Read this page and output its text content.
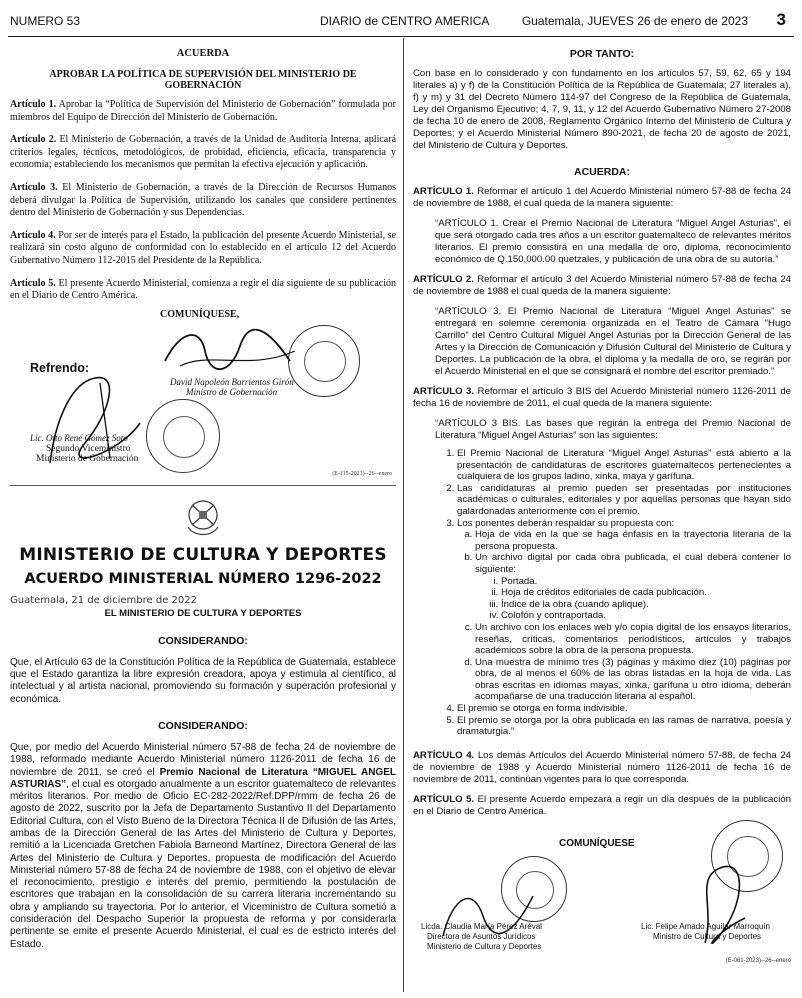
NUMERO 53	DIARIO de CENTRO AMERICA	Guatemala, JUEVES 26 de enero de 2023 3

ACUERDA

APROBAR LA POLÍTICA DE SUPERVISIÓN DEL MINISTERIO DE GOBERNACIÓN

Artículo 1. Aprobar la “Política de Supervisión del Ministerio de Gobernación” formulada por miembros del Equipo de Dirección del Ministerio de Gobernación.

Artículo 2. El Ministerio de Gobernación, a través de la Unidad de Auditoría Interna, aplicará criterios legales, técnicos, metodológicos, de probidad, eficiencia, eficacia, transparencia y economía; estableciendo los mecanismos que permitan la efectiva ejecución y aplicación.

Artículo 3. El Ministerio de Gobernación, a través de la Dirección de Recursos Humanos deberá divulgar la Política de Supervisión, utilizando los canales que considere pertinentes dentro del Ministerio de Gobernación y sus Dependencias.

Artículo 4. Por ser de interés para el Estado, la publicación del presente Acuerdo Ministerial, se realizará sin costo alguno de conformidad con lo establecido en el artículo 12 del Acuerdo Gubernativo Número 112-2015 del Presidente de la República.

Artículo 5. El presente Acuerdo Ministerial, comienza a regir el día siguiente de su publicación en el Diario de Centro América.

COMUNÍQUESE,

Refrendo:

David Napoleón Barrientos Girón

Ministro de Gobernación

Lic. Otto René Gómez Soto

Segundo Viceministro

Ministerio de Gobernación

(E-115-2023)--26--enero

MINISTERIO DE CULTURA Y DEPORTES

ACUERDO MINISTERIAL NÚMERO 1296-2022

Guatemala, 21 de diciembre de 2022

EL MINISTERIO DE CULTURA Y DEPORTES

CONSIDERANDO:

Que, el Artículo 63 de la Constitución Política de la República de Guatemala, establece que el Estado garantiza la libre expresión creadora, apoya y estimula al científico, al intelectual y al artista nacional, promoviendo su formación y superación profesional y económica.

CONSIDERANDO:

Que, por medio del Acuerdo Ministerial número 57-88 de fecha 24 de noviembre de 1988, reformado mediante Acuerdo Ministerial número 1126-2011 de fecha 16 de noviembre de 2011, se creó el Premio Nacional de Literatura “MIGUEL ANGEL ASTURIAS”, el cual es otorgado anualmente a un escritor guatemalteco de relevantes méritos literarios. Por medio de Oficio EC-282-2022/Ref.DPP/rmm de fecha 26 de agosto de 2022, suscrito por la Jefa de Departamento Sustantivo II del Departamento Editorial Cultura, con el Visto Bueno de la Directora Técnica II de Difusión de las Artes, ambas de la Dirección General de las Artes del Ministerio de Cultura y Deportes, remitió a la Licenciada Gretchen Fabiola Barneond Martínez, Directora General de las Artes del Ministerio de Cultura y Deportes, propuesta de modificación del Acuerdo Ministerial número 57-88 de fecha 24 de noviembre de 1988, con el objetivo de elevar el reconocimiento, prestigio e interés del premio, permitiendo la postulación de escritores que trabajan en la consolidación de su carrera literaria incrementando su obra y ampliando su trayectoria. Por lo anterior, el Viceministro de Cultura sometió a consideración del Despacho Superior la propuesta de reforma y por considerarla pertinente se emite el presente Acuerdo Ministerial, el cual es de estricto interés del Estado.

POR TANTO:

Con base en lo considerado y con fundamento en los artículos 57, 59, 62, 65 y 194 literales a) y f) de la Constitución Política de la República de Guatemala; 27 literales a), f) y m) y 31 del Decreto Número 114-97 del Congreso de la República de Guatemala, Ley del Organismo Ejecutivo; 4, 7, 9, 11, y 12 del Acuerdo Gubernativo Número 27-2008 de fecha 10 de enero de 2008, Reglamento Orgánico Interno del Ministerio de Cultura y Deportes; y el Acuerdo Ministerial Número 890-2021, de fecha 20 de agosto de 2021, del Ministerio de Cultura y Deportes.

ACUERDA:

ARTÍCULO 1. Reformar el artículo 1 del Acuerdo Ministerial número 57-88 de fecha 24 de noviembre de 1988, el cual queda de la manera siguiente:

“ARTÍCULO 1. Crear el Premio Nacional de Literatura “Miguel Angel Asturias”, el que será otorgado cada tres años a un escritor guatemalteco de relevantes méritos literarios. El premio consistirá en una medalla de oro, diploma, reconocimiento económico de Q.150,000.00 quetzales, y publicación de una obra de su autoría.”

ARTÍCULO 2. Reformar el artículo 3 del Acuerdo Ministerial número 57-88 de fecha 24 de noviembre de 1988 el cual queda de la manera siguiente:

“ARTÍCULO 3. El Premio Nacional de Literatura “Miguel Angel Asturias” se entregará en solemne ceremonia organizada en el Teatro de Cámara “Hugo Carrillo” del Centro Cultural Miguel Angel Asturias por la Dirección General de las Artes y la Dirección de Comunicación y Difusión Cultural del Ministerio de Cultura y Deportes. La publicación de la obra, el diploma y la medalla de oro, se regirán por el Acuerdo Ministerial en el que se consignará el nombre del escritor premiado.”

ARTÍCULO 3. Reformar el artículo 3 BIS del Acuerdo Ministerial número 1126-2011 de fecha 16 de noviembre de 2011, el cual queda de la manera siguiente:

“ARTÍCULO 3 BIS. Las bases que regirán la entrega del Premio Nacional de Literatura “Miguel Angel Asturias” son las siguientes:

1. El Premio Nacional de Literatura “Miguel Angel Asturias” está abierto a la presentación de candidaturas de escritores guatemaltecos pertenecientes a cualquiera de los grupos ladino, xinka, maya y garífuna.
2. Las candidaturas al premio pueden ser presentadas por instituciones académicas o culturales, editoriales y por aquellas personas que hayan sido galardonadas anteriormente con el premio.
3. Los ponentes deberán respaldar su propuesta con:
a. Hoja de vida en la que se haga énfasis en la trayectoria literaria de la persona propuesta.
b. Un archivo digital por cada obra publicada, el cual deberá contener lo siguiente:
i. Portada.
ii. Hoja de créditos editoriales de cada publicación.
iii. Índice de la obra (cuando aplique).
iv. Colofón y contraportada.
c. Un archivo con los enlaces web y/o copia digital de los ensayos literarios, reseñas, críticas, comentarios periodísticos, artículos y trabajos académicos sobre la obra de la persona propuesta.
d. Una muestra de mínimo tres (3) páginas y máximo diez (10) páginas por obra, de al menos el 60% de las obras listadas en la hoja de vida. Las obras escritas en idiomas mayas, xinka, garífuna u otro idioma, deberán acompañarse de una traducción literaria al español.
4. El premio se otorga en forma indivisible.
5. El premio se otorga por la obra publicada en las ramas de narrativa, poesía y dramaturgia.”

ARTÍCULO 4. Los demás Artículos del Acuerdo Ministerial número 57-88, de fecha 24 de noviembre de 1988 y Acuerdo Ministerial número 1126-2011 de fecha 16 de noviembre de 2011, continúan vigentes para lo que corresponda.

ARTÍCULO 5. El presente Acuerdo empezará a regir un día después de la publicación en el Diario de Centro América.

COMUNÍQUESE

Licda. Claudia María Pérez Aréval

Directora de Asuntos Jurídicos

Ministerio de Cultura y Deportes

Lic. Felipe Amado Aguilar Marroquín

Ministro de Cultura y Deportes

(E-061-2023)--26--enero
